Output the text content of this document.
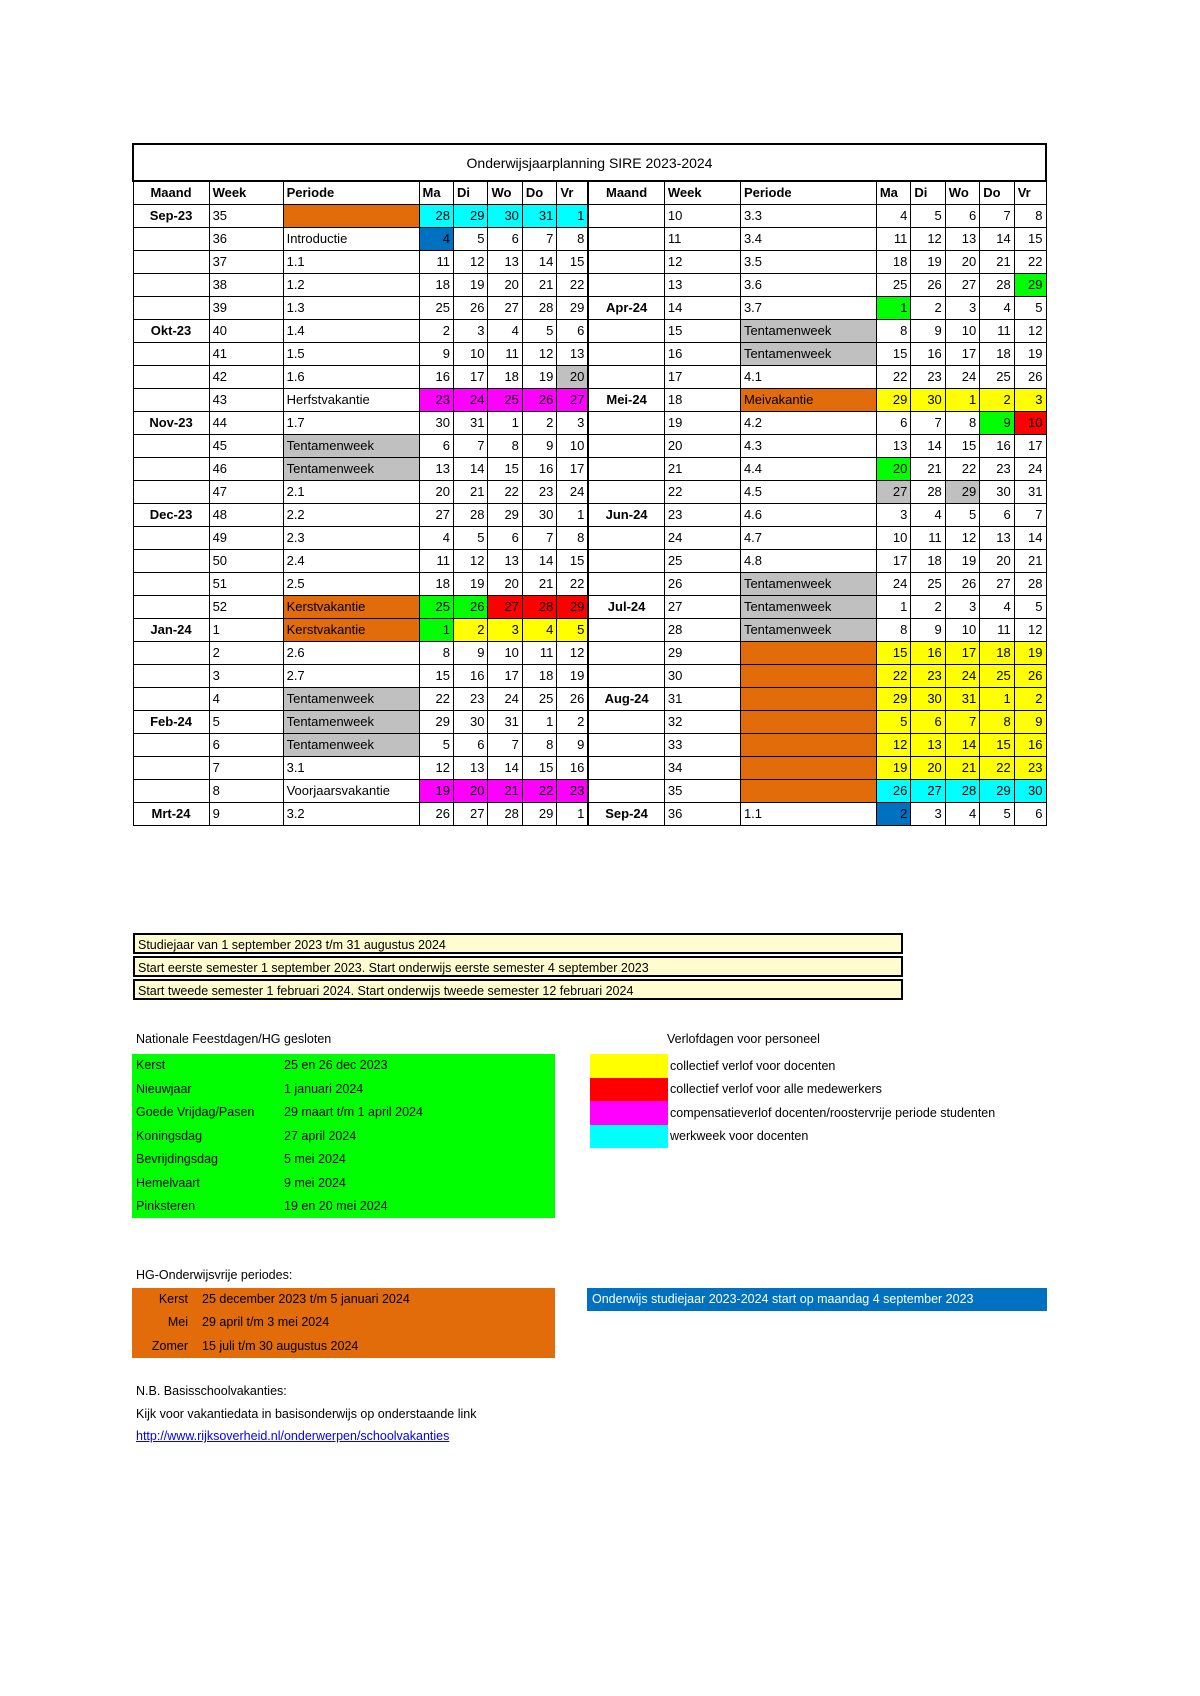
Onderwijsjaarplanning SIRE 2023-2024															
Maand	Week	Periode	Ma	Di	Wo	Do	Vr	Maand	Week	Periode	Ma	Di	Wo	Do	Vr
Sep-23	35		28	29	30	31	1		10	3.3	4	5	6	7	8
	36	Introductie	4	5	6	7	8		11	3.4	11	12	13	14	15
	37	1.1	11	12	13	14	15		12	3.5	18	19	20	21	22
	38	1.2	18	19	20	21	22		13	3.6	25	26	27	28	29
	39	1.3	25	26	27	28	29	Apr-24	14	3.7	1	2	3	4	5
Okt-23	40	1.4	2	3	4	5	6		15	Tentamenweek	8	9	10	11	12
	41	1.5	9	10	11	12	13		16	Tentamenweek	15	16	17	18	19
	42	1.6	16	17	18	19	20		17	4.1	22	23	24	25	26
	43	Herfstvakantie	23	24	25	26	27	Mei-24	18	Meivakantie	29	30	1	2	3
Nov-23	44	1.7	30	31	1	2	3		19	4.2	6	7	8	9	10
	45	Tentamenweek	6	7	8	9	10		20	4.3	13	14	15	16	17
	46	Tentamenweek	13	14	15	16	17		21	4.4	20	21	22	23	24
	47	2.1	20	21	22	23	24		22	4.5	27	28	29	30	31
Dec-23	48	2.2	27	28	29	30	1	Jun-24	23	4.6	3	4	5	6	7
	49	2.3	4	5	6	7	8		24	4.7	10	11	12	13	14
	50	2.4	11	12	13	14	15		25	4.8	17	18	19	20	21
	51	2.5	18	19	20	21	22		26	Tentamenweek	24	25	26	27	28
	52	Kerstvakantie	25	26	27	28	29	Jul-24	27	Tentamenweek	1	2	3	4	5
Jan-24	1	Kerstvakantie	1	2	3	4	5		28	Tentamenweek	8	9	10	11	12
	2	2.6	8	9	10	11	12		29		15	16	17	18	19
	3	2.7	15	16	17	18	19		30		22	23	24	25	26
	4	Tentamenweek	22	23	24	25	26	Aug-24	31		29	30	31	1	2
Feb-24	5	Tentamenweek	29	30	31	1	2		32		5	6	7	8	9
	6	Tentamenweek	5	6	7	8	9		33		12	13	14	15	16
	7	3.1	12	13	14	15	16		34		19	20	21	22	23
	8	Voorjaarsvakantie	19	20	21	22	23		35		26	27	28	29	30
Mrt-24	9	3.2	26	27	28	29	1	Sep-24	36	1.1	2	3	4	5	6
Studiejaar van 1 september 2023 t/m 31 augustus 2024
Start eerste semester 1 september 2023. Start onderwijs eerste semester 4 september 2023
Start tweede semester 1 februari 2024. Start onderwijs tweede semester 12 februari 2024
Nationale Feestdagen/HG gesloten
Kerst	25 en 26 dec 2023
Nieuwjaar	1 januari 2024
Goede Vrijdag/Pasen	29 maart t/m 1 april 2024
Koningsdag	27 april 2024
Bevrijdingsdag	5 mei 2024
Hemelvaart	9 mei 2024
Pinksteren	19 en 20 mei 2024
Verlofdagen voor personeel
collectief verlof voor docenten
collectief verlof voor alle medewerkers
compensatieverlof docenten/roostervrije periode studenten
werkweek voor docenten
HG-Onderwijsvrije periodes:
Kerst	25 december 2023 t/m 5 januari 2024
Mei	29 april t/m 3 mei 2024
Zomer	15 juli t/m 30 augustus 2024
Onderwijs studiejaar 2023-2024 start op maandag 4 september 2023
N.B. Basisschoolvakanties:
Kijk voor vakantiedata in basisonderwijs op onderstaande link
http://www.rijksoverheid.nl/onderwerpen/schoolvakanties
